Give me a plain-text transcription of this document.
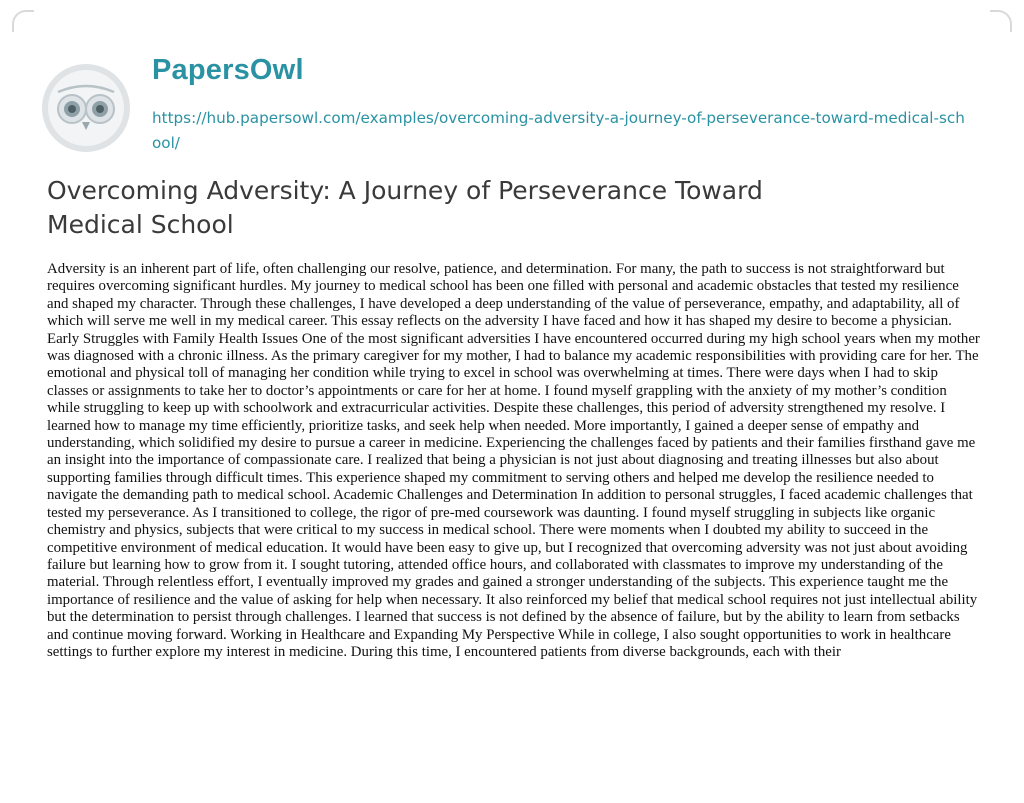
PapersOwl
https://hub.papersowl.com/examples/overcoming-adversity-a-journey-of-perseverance-toward-medical-school/
Overcoming Adversity: A Journey of Perseverance Toward Medical School

Adversity is an inherent part of life, often challenging our resolve, patience, and determination. For many, the path to success is not straightforward but requires overcoming significant hurdles. My journey to medical school has been one filled with personal and academic obstacles that tested my resilience and shaped my character. Through these challenges, I have developed a deep understanding of the value of perseverance, empathy, and adaptability, all of which will serve me well in my medical career. This essay reflects on the adversity I have faced and how it has shaped my desire to become a physician. Early Struggles with Family Health Issues One of the most significant adversities I have encountered occurred during my high school years when my mother was diagnosed with a chronic illness. As the primary caregiver for my mother, I had to balance my academic responsibilities with providing care for her. The emotional and physical toll of managing her condition while trying to excel in school was overwhelming at times. There were days when I had to skip classes or assignments to take her to doctor’s appointments or care for her at home. I found myself grappling with the anxiety of my mother’s condition while struggling to keep up with schoolwork and extracurricular activities. Despite these challenges, this period of adversity strengthened my resolve. I learned how to manage my time efficiently, prioritize tasks, and seek help when needed. More importantly, I gained a deeper sense of empathy and understanding, which solidified my desire to pursue a career in medicine. Experiencing the challenges faced by patients and their families firsthand gave me an insight into the importance of compassionate care. I realized that being a physician is not just about diagnosing and treating illnesses but also about supporting families through difficult times. This experience shaped my commitment to serving others and helped me develop the resilience needed to navigate the demanding path to medical school. Academic Challenges and Determination In addition to personal struggles, I faced academic challenges that tested my perseverance. As I transitioned to college, the rigor of pre-med coursework was daunting. I found myself struggling in subjects like organic chemistry and physics, subjects that were critical to my success in medical school. There were moments when I doubted my ability to succeed in the competitive environment of medical education. It would have been easy to give up, but I recognized that overcoming adversity was not just about avoiding failure but learning how to grow from it. I sought tutoring, attended office hours, and collaborated with classmates to improve my understanding of the material. Through relentless effort, I eventually improved my grades and gained a stronger understanding of the subjects. This experience taught me the importance of resilience and the value of asking for help when necessary. It also reinforced my belief that medical school requires not just intellectual ability but the determination to persist through challenges. I learned that success is not defined by the absence of failure, but by the ability to learn from setbacks and continue moving forward. Working in Healthcare and Expanding My Perspective While in college, I also sought opportunities to work in healthcare settings to further explore my interest in medicine. During this time, I encountered patients from diverse backgrounds, each with their
